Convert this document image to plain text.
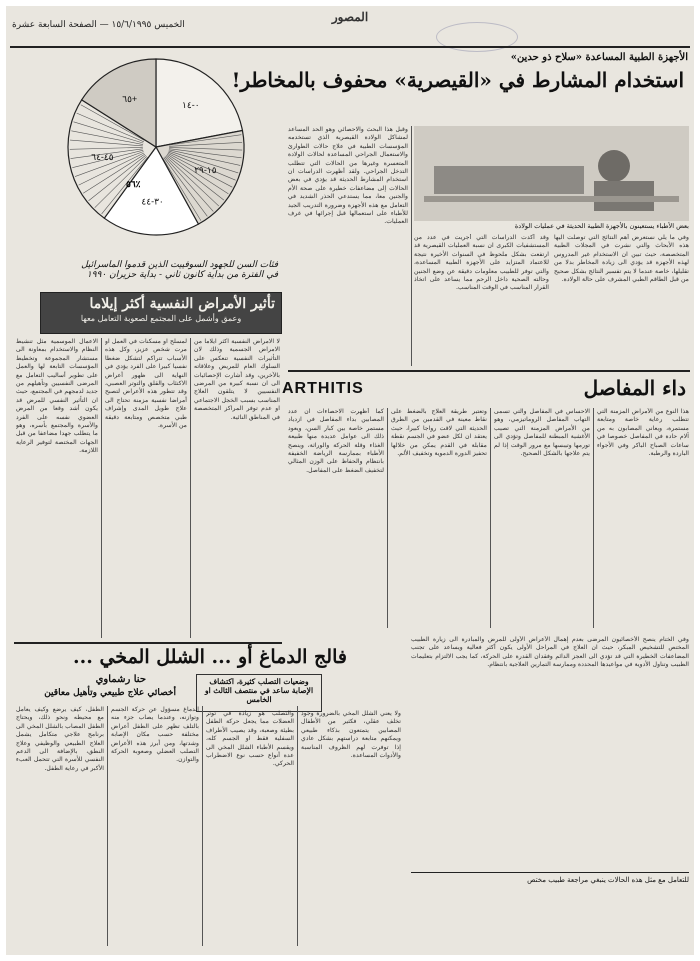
المصور
الخميس ١٥/٦/١٩٩٥ — الصفحة السابعة عشرة
الأجهزة الطبية المساعدة «سلاح ذو حدين»
استخدام المشارط في «القيصرية» محفوف بالمخاطر!
بعض الأطباء يستعينون بالأجهزة الطبية الحديثة في عمليات الولادة
وقبل هذا البحث والاحصائي وهو الحد المساعد لمشاكل الولادة القيصرية الذي تستخدمه المؤسسات الطبية في علاج حالات الطوارئ والاستعمال الجراحي المساعدة لحالات الولادة المتعسرة وغيرها من الحالات التي تتطلب التدخل الجراحي. ولقد أظهرت الدراسات ان استخدام المشارط الحديثة قد يؤدي في بعض الحالات إلى مضاعفات خطيرة على صحة الأم والجنين معا، مما يستدعي الحذر الشديد في التعامل مع هذه الأجهزة وضرورة التدريب الجيد للأطباء على استعمالها قبل إجرائها في غرف العمليات.
وقد أكدت الدراسات التي أجريت في عدد من المستشفيات الكبرى ان نسبة العمليات القيصرية قد ارتفعت بشكل ملحوظ في السنوات الأخيرة نتيجة للاعتماد المتزايد على الأجهزة الطبية المساعدة، والتي توفر للطبيب معلومات دقيقة عن وضع الجنين وحالته الصحية داخل الرحم مما يساعد على اتخاذ القرار المناسب في الوقت المناسب.
وفي ما يلي نستعرض أهم النتائج التي توصلت اليها هذه الأبحاث والتي نشرت في المجلات الطبية المتخصصة، حيث تبين ان الاستخدام غير المدروس لهذه الأجهزة قد يؤدي الى زيادة المخاطر بدلا من تقليلها، خاصة عندما لا يتم تفسير النتائج بشكل صحيح من قبل الطاقم الطبي المشرف على حالة الولادة.
٠-١٤
١٥-٢٩
٣٠-٤٤
٤٥-٦٤
٦٥+
٥٦٪
فئات السن للجهود السوفييت الذين قدموا الماسرائيل
في الفترة من بداية كانون ثاني - بداية حزيران ١٩٩٠
تأثير الأمراض النفسية أكثر إيلاما
وعمق وأشمل على المجتمع لصعوبة التعامل معها
الاعمال الموسمية مثل تنشيط النظام والاستخدام بمعاونة الى مستشار المجموعة وتخطيط المؤسسات التابعة لها والعمل على تطوير أساليب التعامل مع المرضى النفسيين وتأهيلهم من جديد لدمجهم في المجتمع، حيث ان التأثير النفسي للمرض قد يكون أشد وقعا من المرض العضوي نفسه على الفرد والأسرة والمجتمع بأسره، وهو ما يتطلب جهدا مضاعفا من قبل الجهات المختصة لتوفير الرعاية اللازمة.
لمسلح او مسكنات في العمل او مرت شخص عزيز، وكل هذه الأسباب تتراكم لتشكل ضغطا نفسيا كبيرا على الفرد يؤدي في النهاية الى ظهور أعراض الاكتئاب والقلق والتوتر العصبي، وقد تتطور هذه الأعراض لتصبح أمراضا نفسية مزمنة تحتاج الى علاج طويل المدى وإشراف طبي متخصص ومتابعة دقيقة من الأسرة.
لا الامراض النفسية اكثر ايلاما من الامراض الجسمية وذلك لان التأثيرات النفسية تنعكس على السلوك العام للمريض وعلاقاته بالآخرين، وقد أشارت الإحصائيات الى ان نسبة كبيرة من المرضى النفسيين لا يتلقون العلاج المناسب بسبب الخجل الاجتماعي او عدم توفر المراكز المتخصصة في المناطق النائية.
داء المفاصل
ARTHITIS
كما أظهرت الاحصاءات ان عدد المصابين بداء المفاصل في ازدياد مستمر خاصة بين كبار السن، ويعود ذلك الى عوامل عديدة منها طبيعة الغذاء وقلة الحركة والوراثة، وينصح الأطباء بممارسة الرياضة الخفيفة بانتظام والحفاظ على الوزن المثالي لتخفيف الضغط على المفاصل.
وتعتبر طريقة العلاج بالضغط على نقاط معينة في القدمين من الطرق الحديثة التي لاقت رواجا كبيرا، حيث يعتقد ان لكل عضو في الجسم نقطة مقابلة في القدم يمكن من خلالها تحفيز الدورة الدموية وتخفيف الألم.
الاحساس في المفاصل والتي تسمى التهاب المفاصل الروماتيزمي، وهو من الأمراض المزمنة التي تصيب الأغشية المبطنة للمفاصل وتؤدي الى تورمها وتيبسها مع مرور الوقت إذا لم يتم علاجها بالشكل الصحيح.
هذا النوع من الأمراض المزمنة التي تتطلب رعاية خاصة ومتابعة مستمرة، ويعاني المصابون به من آلام حادة في المفاصل خصوصا في ساعات الصباح الباكر وفي الأجواء الباردة والرطبة.
فالج الدماغ أو ... الشلل المخي ...
حنا رشماوي
أخصائي علاج طبيعي وتأهيل معاقين
وضعيات التصلب كثيرة، اكتشاف الإصابة ساعد في منتصف الثالث او الخامس
الطفل، كيف يرضع وكيف يعامل مع محيطه ونحو ذلك، ويحتاج الطفل المصاب بالشلل المخي الى برنامج علاجي متكامل يشمل العلاج الطبيعي والوظيفي وعلاج النطق، بالإضافة الى الدعم النفسي للأسرة التي تتحمل العبء الأكبر في رعاية الطفل.
الدماغ مسؤول عن حركة الجسم وتوازنه، وعندما يصاب جزء منه بالتلف تظهر على الطفل أعراض مختلفة حسب مكان الإصابة وشدتها، ومن أبرز هذه الأعراض التصلب العضلي وصعوبة الحركة والتوازن.
والتصلب هو زيادة في توتر العضلات مما يجعل حركة الطفل بطيئة وصعبة، وقد يصيب الأطراف السفلية فقط او الجسم كله، ويقسم الأطباء الشلل المخي الى عدة أنواع حسب نوع الاضطراب الحركي.
ولا يعني الشلل المخي بالضرورة وجود تخلف عقلي، فكثير من الأطفال المصابين يتمتعون بذكاء طبيعي ويمكنهم متابعة دراستهم بشكل عادي إذا توفرت لهم الظروف المناسبة والأدوات المساعدة.
وفي الختام ينصح الأخصائيون المرضى بعدم إهمال الأعراض الأولى للمرض والمبادرة الى زيارة الطبيب المختص للتشخيص المبكر، حيث ان العلاج في المراحل الأولى يكون أكثر فعالية ويساعد على تجنب المضاعفات الخطيرة التي قد تؤدي الى العجز الدائم وفقدان القدرة على الحركة، كما يجب الالتزام بتعليمات الطبيب وتناول الأدوية في مواعيدها المحددة وممارسة التمارين العلاجية بانتظام.
للتعامل مع مثل هذه الحالات ينبغي مراجعة طبيب مختص
